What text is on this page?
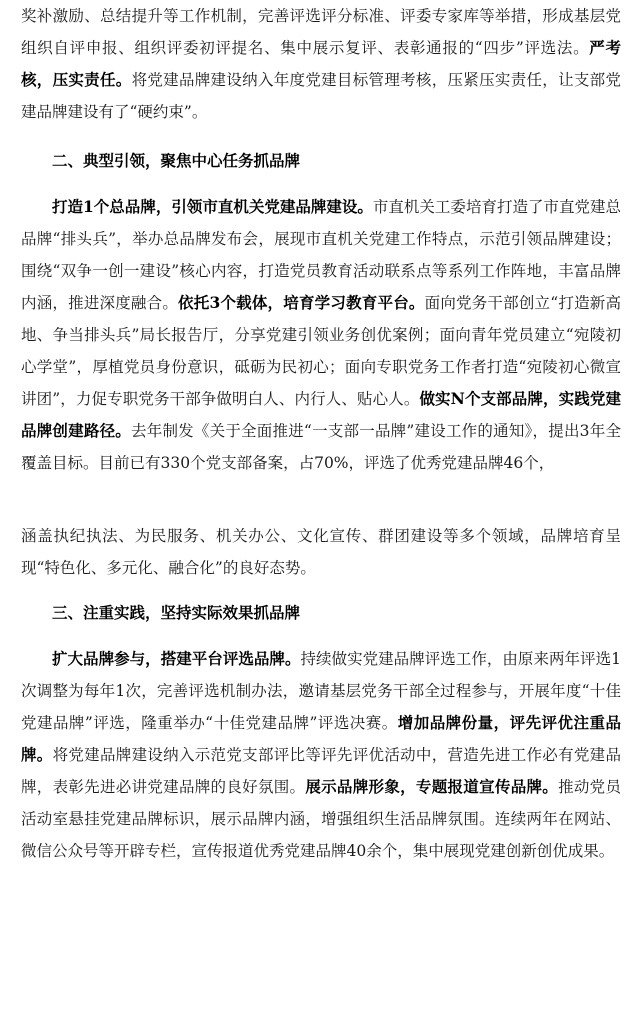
奖补激励、总结提升等工作机制，完善评选评分标准、评委专家库等举措，形成基层党组织自评申报、组织评委初评提名、集中展示复评、表彰通报的“四步”评选法。严考核，压实责任。将党建品牌建设纳入年度党建目标管理考核，压紧压实责任，让支部党建品牌建设有了“硬约束”。

二、典型引领，聚焦中心任务抓品牌

打造1个总品牌，引领市直机关党建品牌建设。市直机关工委培育打造了市直党建总品牌“排头兵”，举办总品牌发布会，展现市直机关党建工作特点，示范引领品牌建设；围绕“双争一创一建设”核心内容，打造党员教育活动联系点等系列工作阵地，丰富品牌内涵，推进深度融合。依托3个载体，培育学习教育平台。面向党务干部创立“打造新高地、争当排头兵”局长报告厅，分享党建引领业务创优案例；面向青年党员建立“宛陵初心学堂”，厚植党员身份意识，砥砺为民初心；面向专职党务工作者打造“宛陵初心微宣讲团”，力促专职党务干部争做明白人、内行人、贴心人。做实N个支部品牌，实践党建品牌创建路径。去年制发《关于全面推进“一支部一品牌”建设工作的通知》，提出3年全覆盖目标。目前已有330个党支部备案，占70%，评选了优秀党建品牌46个，

涵盖执纪执法、为民服务、机关办公、文化宣传、群团建设等多个领域，品牌培育呈现“特色化、多元化、融合化”的良好态势。

三、注重实践，坚持实际效果抓品牌

扩大品牌参与，搭建平台评选品牌。持续做实党建品牌评选工作，由原来两年评选1次调整为每年1次，完善评选机制办法，邀请基层党务干部全过程参与，开展年度“十佳党建品牌”评选，隆重举办“十佳党建品牌”评选决赛。增加品牌份量，评先评优注重品牌。将党建品牌建设纳入示范党支部评比等评先评优活动中，营造先进工作必有党建品牌，表彰先进必讲党建品牌的良好氛围。展示品牌形象，专题报道宣传品牌。推动党员活动室悬挂党建品牌标识，展示品牌内涵，增强组织生活品牌氛围。连续两年在网站、微信公众号等开辟专栏，宣传报道优秀党建品牌40余个，集中展现党建创新创优成果。
